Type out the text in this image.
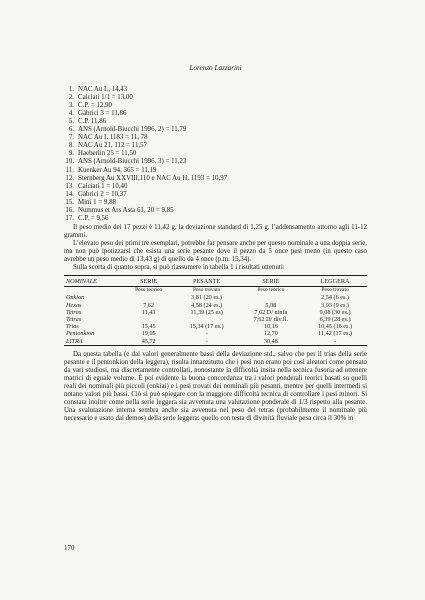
Lorenzo Lazzarini
1. NAC Au L, 14,43
2. Calciati 1/1 = 13,00
3. C.P. = 12,90
4. Gàbrici 3 = 11,86
5. C.P. 11,86
6. ANS (Arnold-Biucchi 1996, 2) = 11,79
7. NAC Au I, 1183 = 11, 78
8. NAC Au 21, 112 = 11,57
9. Haeberlin 25 = 11,50
10. ANS (Arnold-Biucchi 1996, 3) = 11,23
11. Kuenker Au 94, 365 = 11,19
12. Sternberg Au XXVIII,110 e NAC Au H, 1193 = 10,97
13. Calciati 1 = 10,40
14. Gàbrici 2 = 10,37
15. Mini 1 = 9,88
16. Nummus et Ars Asta 61, 20 = 9,85
17. C.P. = 9,56

Il peso medio dei 17 pezzi è 11,42 g, la deviazione standard di 1,25 g, l’addensamento attorno agli 11-12 grammi.

L’elevato peso dei primi tre esemplari, potrebbe far pensare anche per questo nominale a una doppia serie, ma non può ipotizzarsi che esista una serie pesante dove il pezzo da 5 once pesi meno (in questo caso avrebbe un peso medio di 13,43 g) di quello da 4 once (p.m. 15,34).

Sulla scorta di quanto sopra, si può riassumere in tabella 1 i risultati ottenuti:

NOMINALE	SERIE	PESANTE	SERIE	LEGGERA
	Peso teorico	Peso trovato	Peso teorico	Peso trovato
Onkion		3,81 (20 es.)		2,54 (6 es.)
Hexas	7,62	4,58 (24 es.)	5,08	3,93 (9 es.)
Tetras	11,43	11,39 (25 es)	7,62 D/ ninfa	9,08 (30 es.)
Tetras			7,62 D/ div.fl.	6,39 (28 es.)
Trias	15,45	15,34 (17 es.)	10,16	10,45 (16 es.)
Pentonkion	19,05	-	12,70	11,42 (17 es.)
LITRA	45,72	-	30,48	-

Da questa tabella (e dai valori generalmente bassi della deviazione std., salvo che per il trias della serie pesante e il pentonkion della leggera), risulta innanzitutto che i pesi non erano poi così aleatori come pensato da vari studiosi, ma discretamente controllati, nonostante la difficoltà insita nella tecnica fusoria ad ottenere matrici di eguale volume. È poi evidente la buona concordanza tra i valori ponderali teorici basati su quelli reali dei nominali più piccoli (onkiai) e i pesi trovati dei nominali più pesanti, mentre per quelli intermedi si notano valori più bassi. Ciò si può spiegare con la maggiore difficoltà tecnica di controllare i pesi minori. Si constata inoltre come nella serie leggera sia avvenuta una valutazione ponderale di 1/3 rispetto alla pesante. Una svalutazione interna sembra anche sia avvenuta nel peso del tetras (probabilmente il nominale più necessario e usato dal demos) della serie leggera: quello con testa di divinità fluviale pesa circa il 30% in

170
